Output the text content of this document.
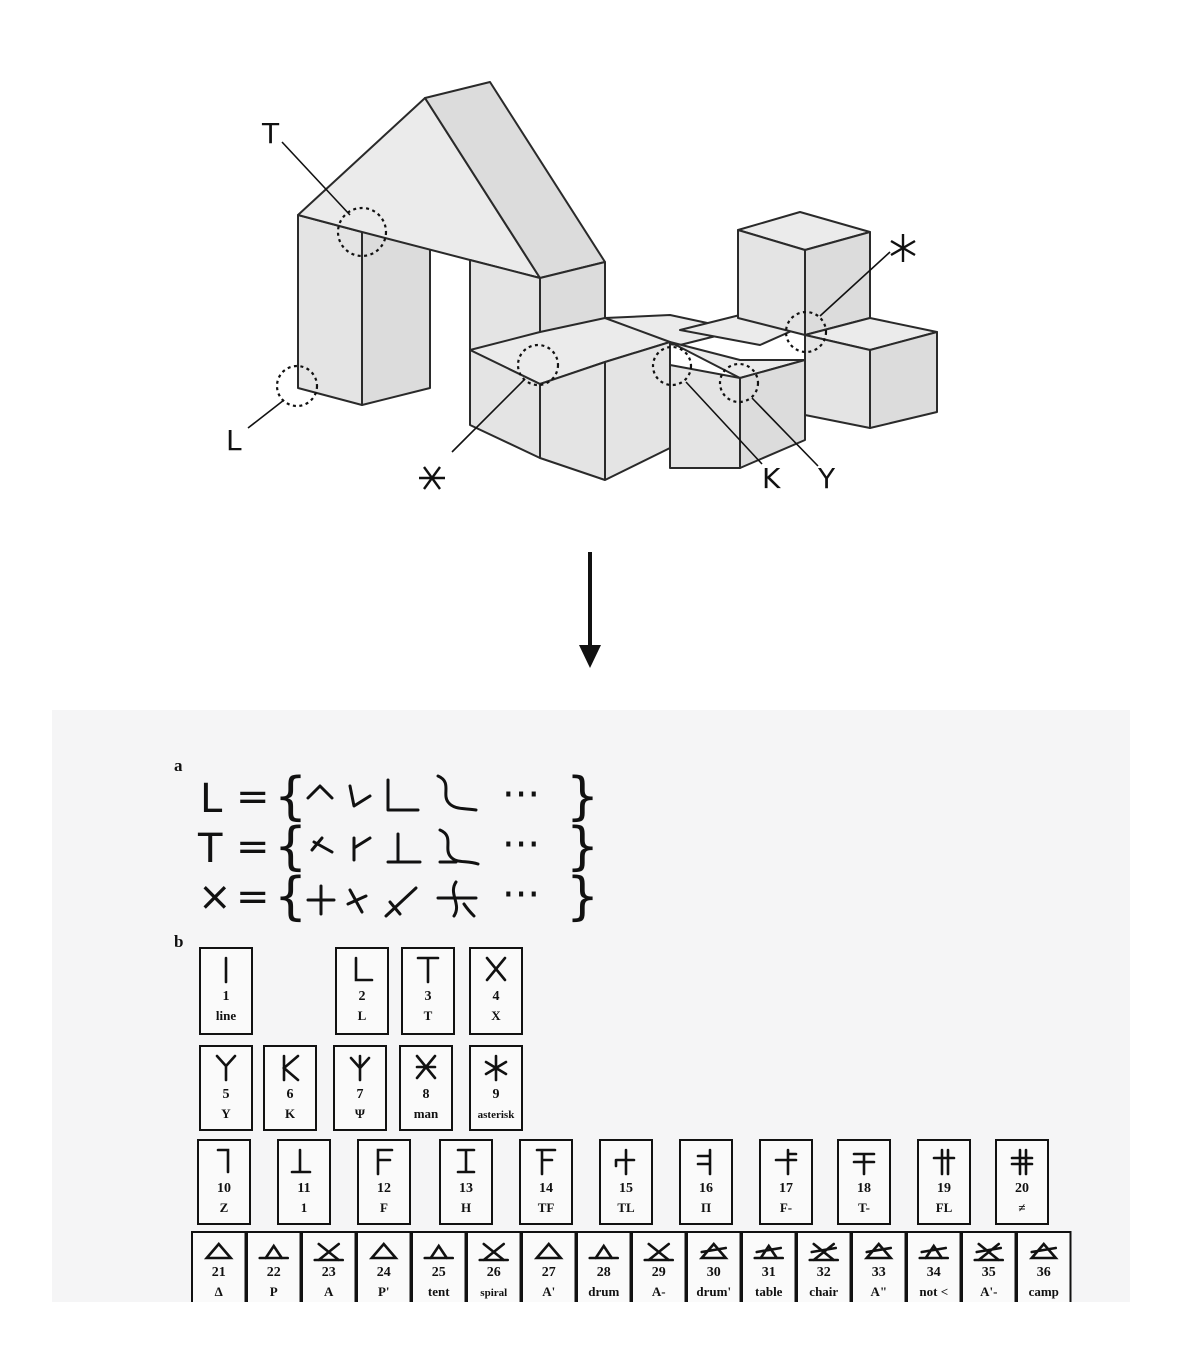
T
L
K Y
a
b
L = {	··· }
T = {	··· }
× = {	··· }
1
line
2
L
3
T
4
X
5
Y
6
K
7
Ψ
8
man
9
asterisk
10
Z
11
1
12
F
13
H
14
TF
15
TL
16
Π
17
F-
18
T-
19
FL
20
≠
21
Δ
22
P
23
A
24
P'
25
tent
26
spiral
27
A'
28
drum
29
A-
30
drum'
31
table
32
chair
33
A"
34
not <
35
A'-
36
camp
